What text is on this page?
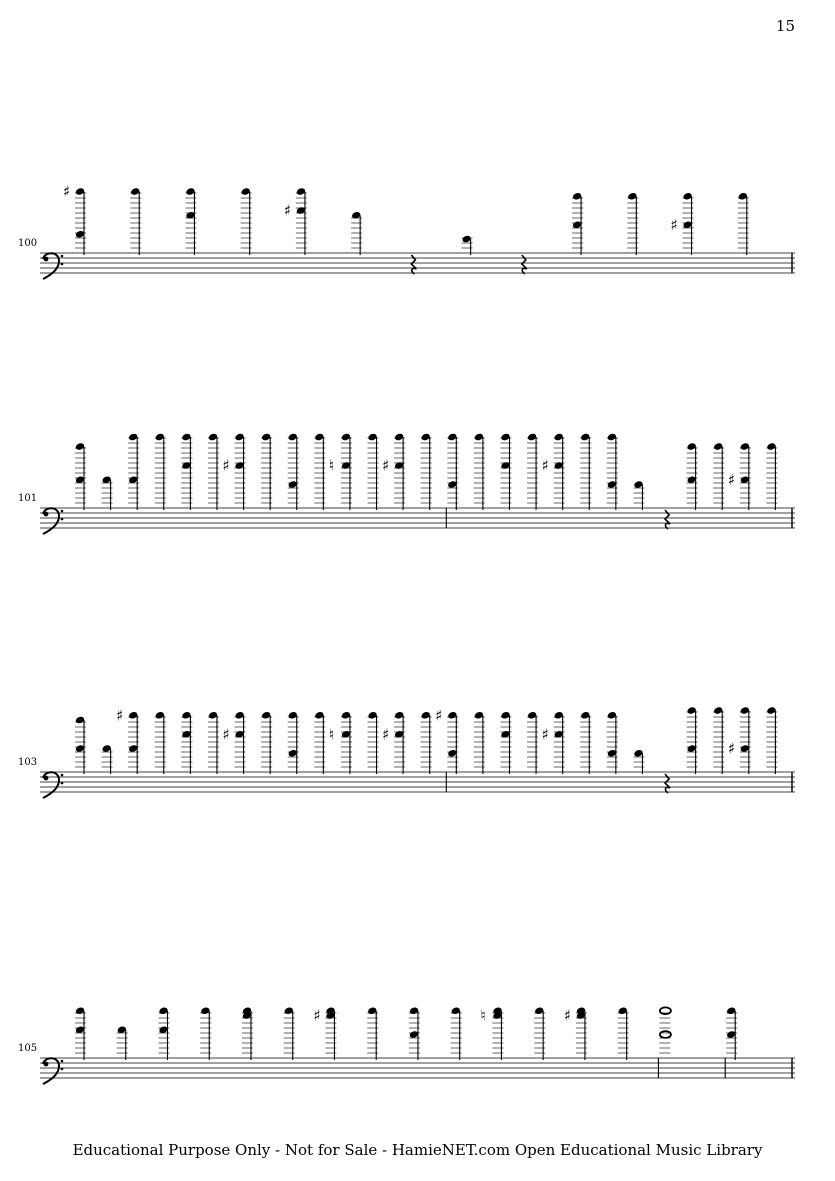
15
100
♯
♯
♯
101
♯	♮	♯	♯
♯
103
♯
♯	♮	♯
♯
♯
♯
105
♯	♮	♯
Educational Purpose Only - Not for Sale - HamieNET.com Open Educational Music Library
